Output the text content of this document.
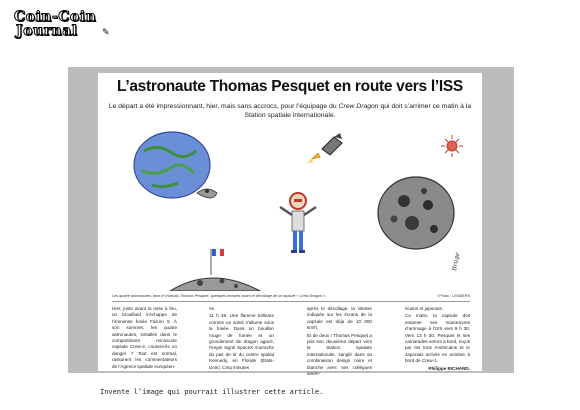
Coin-Coin
Journal	✎
L’astronaute Thomas Pesquet en route vers l’ISS
Le départ a été impressionnant, hier, mais sans accrocs, pour l’équipage du Crew Dragon qui doit s’arrimer ce matin à la Station spatiale internationale.
Bruge
Les quatre astronautes, dont le français Thomas Pesquet, quelques minutes avant le décollage de la capsule « Crew Dragon ».	/ Photo : LENAERS

Hier, juste avant la mise à feu, un brouillard s’échappe de l’immense fusée Falcon 9. À son sommet, les quatre astronautes, installés dans le compartiment minuscule capsule Crew-2, courent-ils un danger ? Tout est normal, rassurent les commentateurs de l’Agence spatiale européen-

ne.

11 h 49. Une flamme brillante comme un soleil s’allume sous la fusée. Dans un bouillon rouge de fumée et un grondement de dragon agacé, l’engin signé SpaceX s’arrache du pas de tir du centre spatial Kennedy, en Floride (États-Unis). Cinq minutes

après le décollage, la vitesse indiquée sur les écrans de la capsule est déjà de 10 000 km/h.

Et de deux ! Thomas Pesquet a pris son deuxième départ vers la Station spatiale internationale, sanglé dans sa combinaison design noire et blanche avec ses collègues améri-

ricains et japonais.

Ce matin, la capsule doit entamer ses manœuvres d’arrimage à l’ISS vers 9 h 30. Vers 13 h 30, Pesquet et ses camarades seront à bord, reçus par les trois Américains et le Japonais arrivés en octobre à bord de Crew-1.

Philippe RICHARD.

Invente l’image qui pourrait illustrer cette article.
